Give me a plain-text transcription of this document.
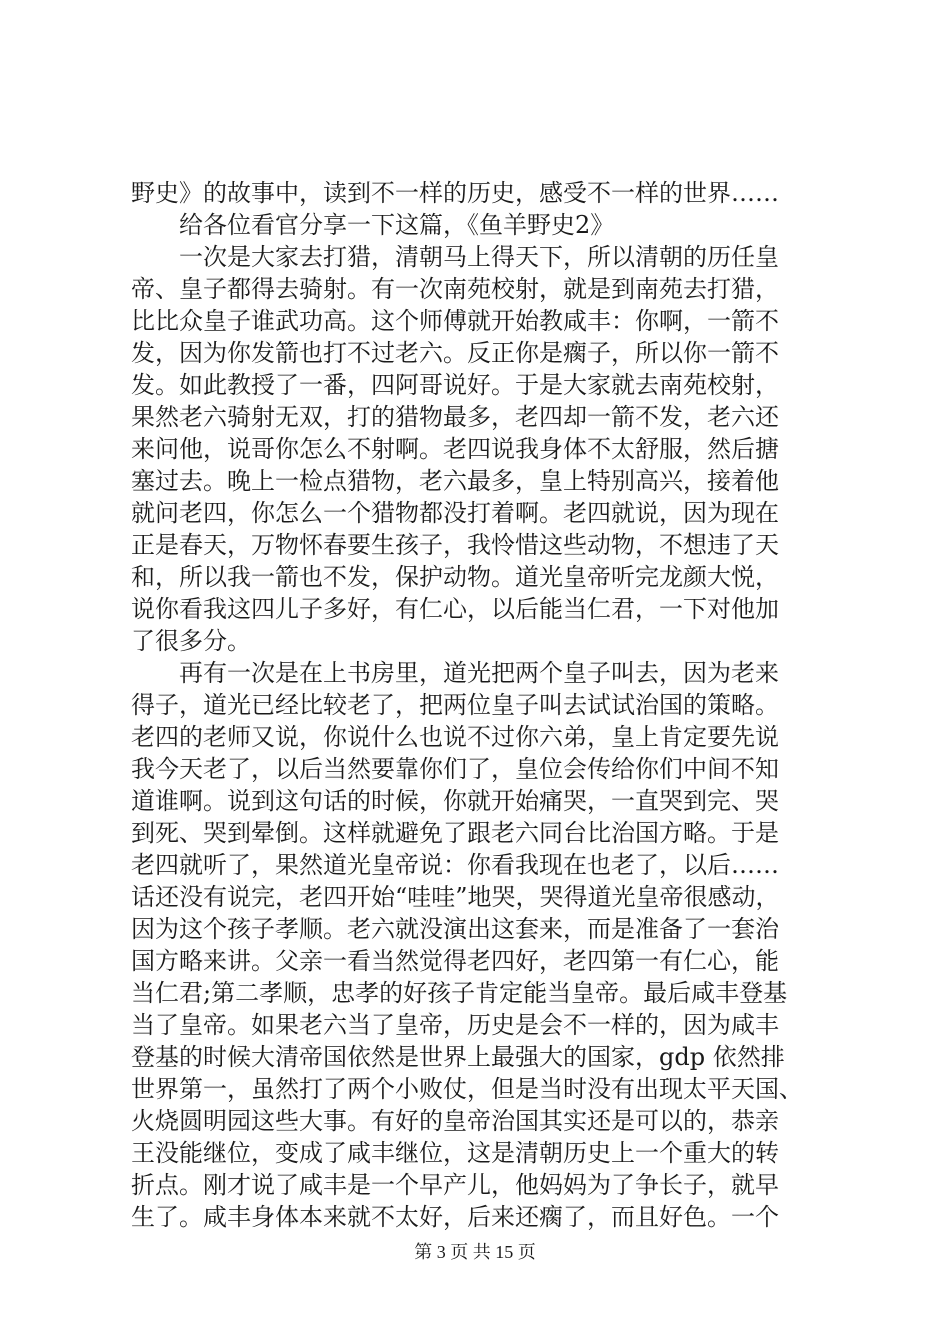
野史》的故事中，读到不一样的历史，感受不一样的世界……
　　给各位看官分享一下这篇，《鱼羊野史2》
　　一次是大家去打猎，清朝马上得天下，所以清朝的历任皇
帝、皇子都得去骑射。有一次南苑校射，就是到南苑去打猎，
比比众皇子谁武功高。这个师傅就开始教咸丰：你啊，一箭不
发，因为你发箭也打不过老六。反正你是瘸子，所以你一箭不
发。如此教授了一番，四阿哥说好。于是大家就去南苑校射，
果然老六骑射无双，打的猎物最多，老四却一箭不发，老六还
来问他，说哥你怎么不射啊。老四说我身体不太舒服，然后搪
塞过去。晚上一检点猎物，老六最多，皇上特别高兴，接着他
就问老四，你怎么一个猎物都没打着啊。老四就说，因为现在
正是春天，万物怀春要生孩子，我怜惜这些动物，不想违了天
和，所以我一箭也不发，保护动物。道光皇帝听完龙颜大悦，
说你看我这四儿子多好，有仁心，以后能当仁君，一下对他加
了很多分。
　　再有一次是在上书房里，道光把两个皇子叫去，因为老来
得子，道光已经比较老了，把两位皇子叫去试试治国的策略。
老四的老师又说，你说什么也说不过你六弟，皇上肯定要先说
我今天老了，以后当然要靠你们了，皇位会传给你们中间不知
道谁啊。说到这句话的时候，你就开始痛哭，一直哭到完、哭
到死、哭到晕倒。这样就避免了跟老六同台比治国方略。于是
老四就听了，果然道光皇帝说：你看我现在也老了，以后……
话还没有说完，老四开始“哇哇”地哭，哭得道光皇帝很感动，
因为这个孩子孝顺。老六就没演出这套来，而是准备了一套治
国方略来讲。父亲一看当然觉得老四好，老四第一有仁心，能
当仁君;第二孝顺，忠孝的好孩子肯定能当皇帝。最后咸丰登基
当了皇帝。如果老六当了皇帝，历史是会不一样的，因为咸丰
登基的时候大清帝国依然是世界上最强大的国家，gdp 依然排
世界第一，虽然打了两个小败仗，但是当时没有出现太平天国、
火烧圆明园这些大事。有好的皇帝治国其实还是可以的，恭亲
王没能继位，变成了咸丰继位，这是清朝历史上一个重大的转
折点。刚才说了咸丰是一个早产儿，他妈妈为了争长子，就早
生了。咸丰身体本来就不太好，后来还瘸了，而且好色。一个
第 3 页 共 15 页
